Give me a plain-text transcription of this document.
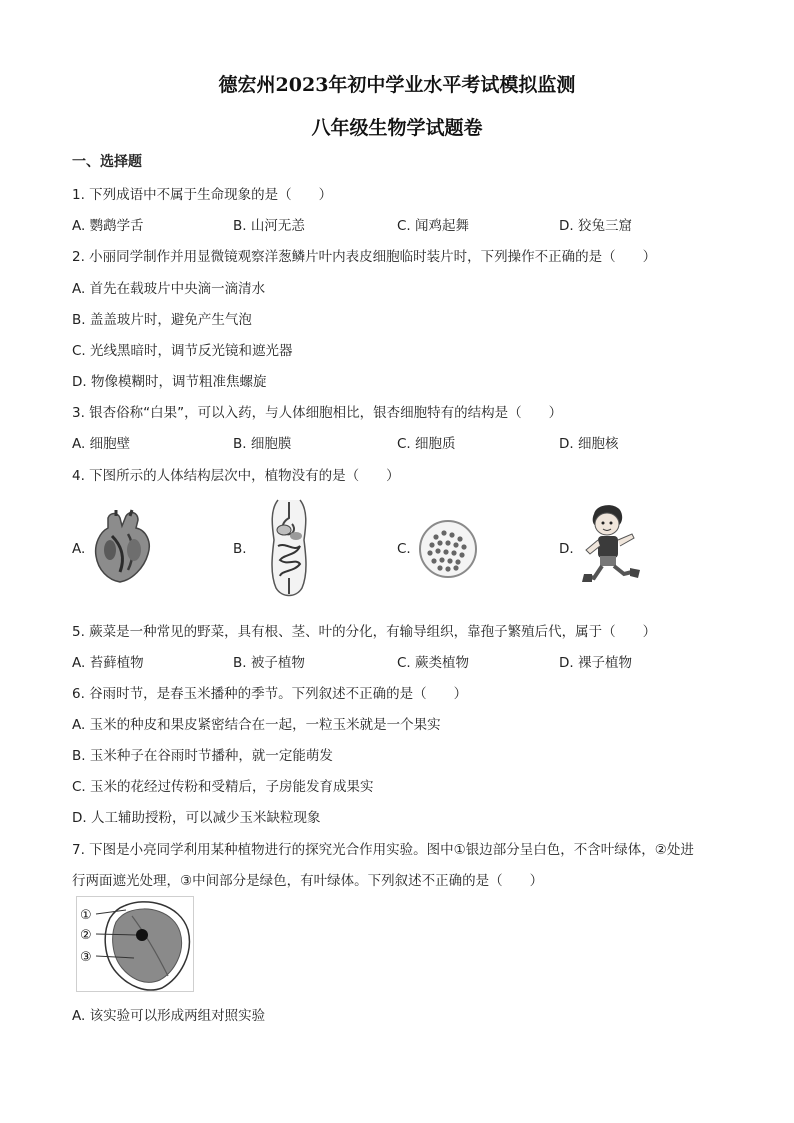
德宏州2023年初中学业水平考试模拟监测
八年级生物学试题卷
一、选择题
1. 下列成语中不属于生命现象的是（　　）
A. 鹦鹉学舌	B. 山河无恙	C. 闻鸡起舞	D. 狡兔三窟
2. 小丽同学制作并用显微镜观察洋葱鳞片叶内表皮细胞临时装片时，下列操作不正确的是（　　）
A. 首先在载玻片中央滴一滴清水
B. 盖盖玻片时，避免产生气泡
C. 光线黑暗时，调节反光镜和遮光器
D. 物像模糊时，调节粗准焦螺旋
3. 银杏俗称“白果”，可以入药，与人体细胞相比，银杏细胞特有的结构是（　　）
A. 细胞壁	B. 细胞膜	C. 细胞质	D. 细胞核
4. 下图所示的人体结构层次中，植物没有的是（　　）
A.	B.	C.	D.
5. 蕨菜是一种常见的野菜，具有根、茎、叶的分化，有输导组织，靠孢子繁殖后代，属于（　　）
A. 苔藓植物	B. 被子植物	C. 蕨类植物	D. 裸子植物
6. 谷雨时节，是春玉米播种的季节。下列叙述不正确的是（　　）
A. 玉米的种皮和果皮紧密结合在一起，一粒玉米就是一个果实
B. 玉米种子在谷雨时节播种，就一定能萌发
C. 玉米的花经过传粉和受精后，子房能发育成果实
D. 人工辅助授粉，可以减少玉米缺粒现象
7. 下图是小亮同学利用某种植物进行的探究光合作用实验。图中①银边部分呈白色，不含叶绿体，②处进
行两面遮光处理，③中间部分是绿色，有叶绿体。下列叙述不正确的是（　　）
①
②
③
A. 该实验可以形成两组对照实验
